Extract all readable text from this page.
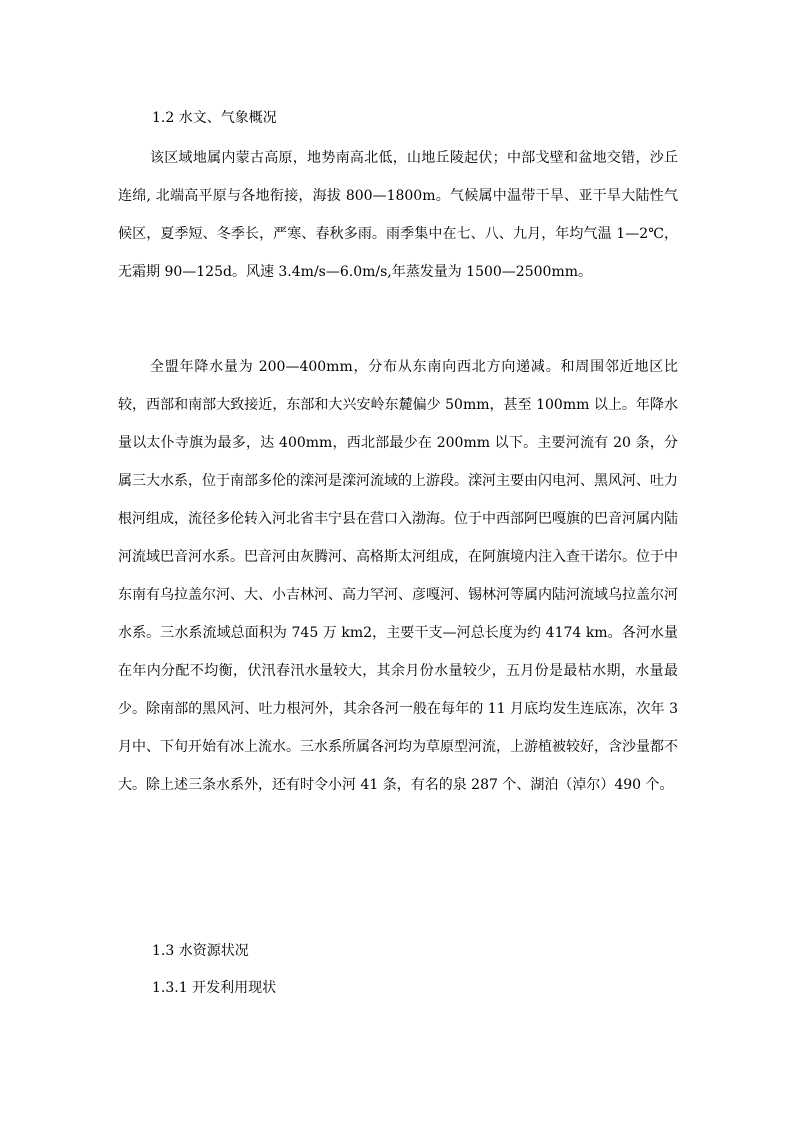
1.2 水文、气象概况
该区域地属内蒙古高原，地势南高北低，山地丘陵起伏；中部戈壁和盆地交错，沙丘连绵, 北端高平原与各地衔接，海拔 800—1800m。气候属中温带干旱、亚干旱大陆性气候区，夏季短、冬季长，严寒、春秋多雨。雨季集中在七、八、九月，年均气温 1—2℃，无霜期 90—125d。风速 3.4m/s—6.0m/s,年蒸发量为 1500—2500mm。
全盟年降水量为 200—400mm，分布从东南向西北方向递减。和周围邻近地区比较，西部和南部大致接近，东部和大兴安岭东麓偏少 50mm，甚至 100mm 以上。年降水量以太仆寺旗为最多，达 400mm，西北部最少在 200mm 以下。主要河流有 20 条，分属三大水系，位于南部多伦的滦河是滦河流域的上游段。滦河主要由闪电河、黑风河、吐力根河组成，流径多伦转入河北省丰宁县在营口入渤海。位于中西部阿巴嘎旗的巴音河属内陆河流域巴音河水系。巴音河由灰腾河、高格斯太河组成，在阿旗境内注入查干诺尔。位于中东南有乌拉盖尔河、大、小吉林河、高力罕河、彦嘎河、锡林河等属内陆河流域乌拉盖尔河水系。三水系流域总面积为 745 万 km2，主要干支—河总长度为约 4174 km。各河水量在年内分配不均衡，伏汛春汛水量较大，其余月份水量较少，五月份是最枯水期，水量最少。除南部的黑风河、吐力根河外，其余各河一般在每年的 11 月底均发生连底冻，次年 3 月中、下旬开始有冰上流水。三水系所属各河均为草原型河流，上游植被较好，含沙量都不大。除上述三条水系外，还有时令小河 41 条，有名的泉 287 个、湖泊（淖尔）490 个。
1.3 水资源状况
1.3.1 开发利用现状
